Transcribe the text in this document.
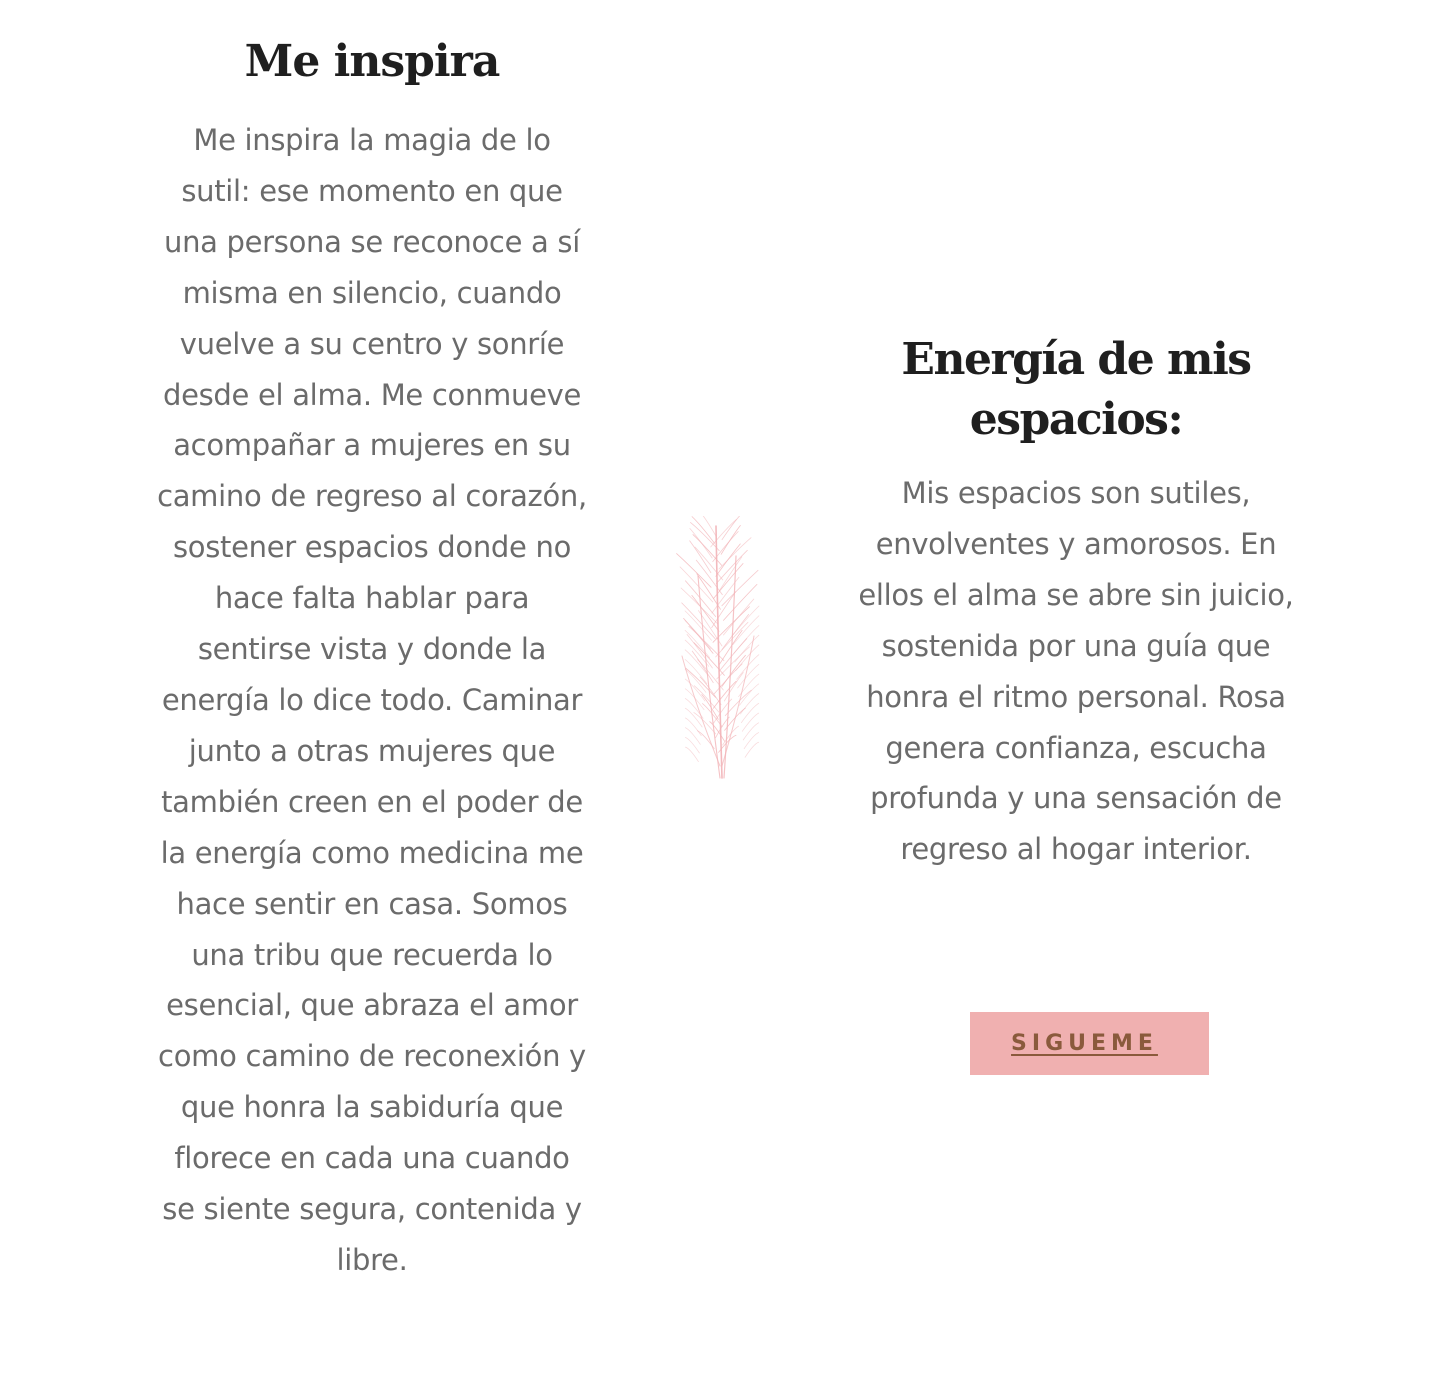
Me inspira

Me inspira la magia de lo sutil: ese momento en que una persona se reconoce a sí misma en silencio, cuando vuelve a su centro y sonríe desde el alma. Me conmueve acompañar a mujeres en su camino de regreso al corazón, sostener espacios donde no hace falta hablar para sentirse vista y donde la energía lo dice todo. Caminar junto a otras mujeres que también creen en el poder de la energía como medicina me hace sentir en casa. Somos una tribu que recuerda lo esencial, que abraza el amor como camino de reconexión y que honra la sabiduría que florece en cada una cuando se siente segura, contenida y libre.

Energía de mis espacios:

Mis espacios son sutiles, envolventes y amorosos. En ellos el alma se abre sin juicio, sostenida por una guía que honra el ritmo personal. Rosa genera confianza, escucha profunda y una sensación de regreso al hogar interior.

SIGUEME
